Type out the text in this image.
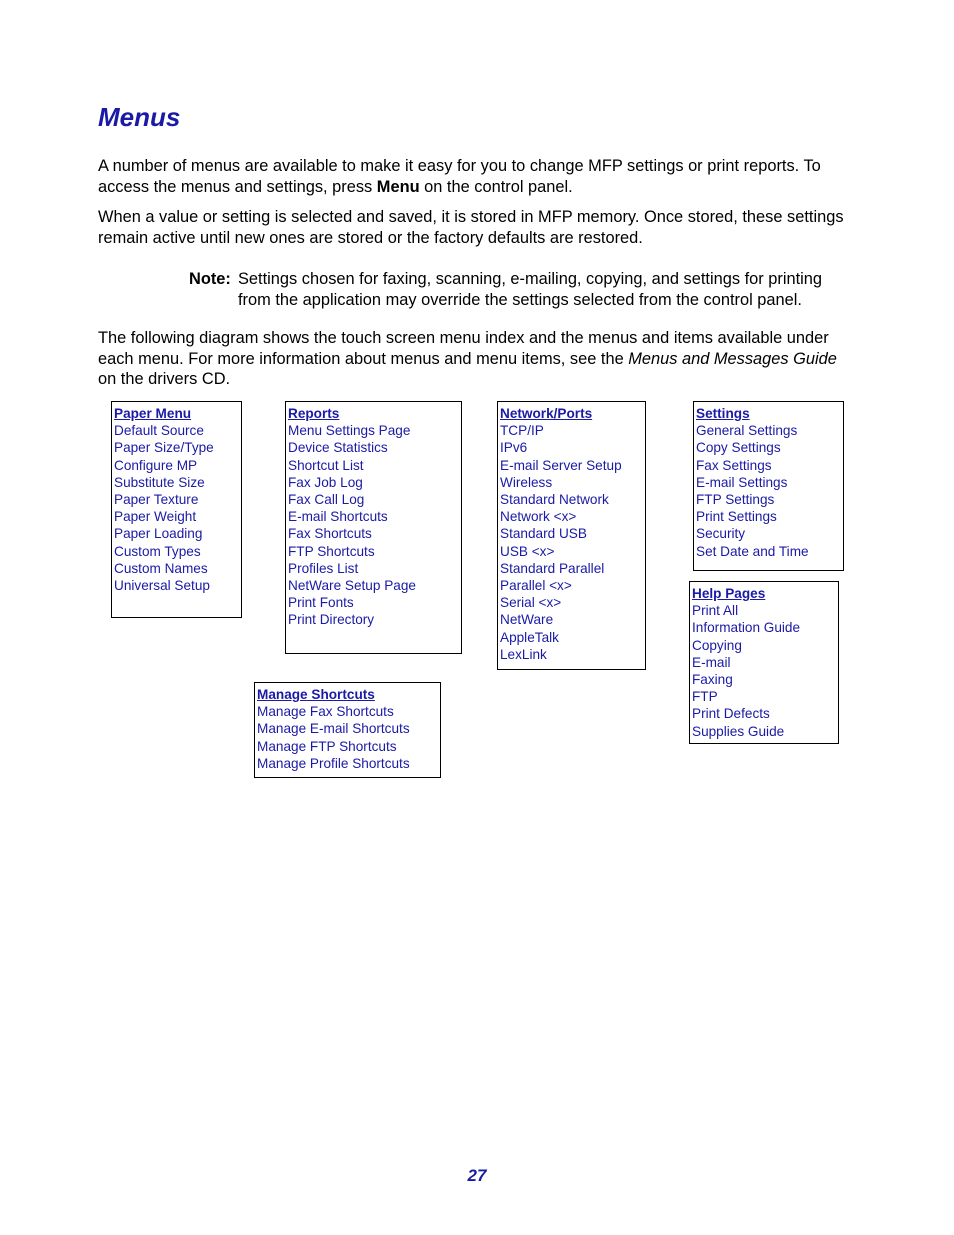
Menus

A number of menus are available to make it easy for you to change MFP settings or print reports. To access the menus and settings, press Menu on the control panel.

When a value or setting is selected and saved, it is stored in MFP memory. Once stored, these settings remain active until new ones are stored or the factory defaults are restored.

Note: Settings chosen for faxing, scanning, e-mailing, copying, and settings for printing from the application may override the settings selected from the control panel.

The following diagram shows the touch screen menu index and the menus and items available under each menu. For more information about menus and menu items, see the Menus and Messages Guide on the drivers CD.

Paper Menu
Default Source
Paper Size/Type
Configure MP
Substitute Size
Paper Texture
Paper Weight
Paper Loading
Custom Types
Custom Names
Universal Setup
Reports
Menu Settings Page
Device Statistics
Shortcut List
Fax Job Log
Fax Call Log
E-mail Shortcuts
Fax Shortcuts
FTP Shortcuts
Profiles List
NetWare Setup Page
Print Fonts
Print Directory
Network/Ports
TCP/IP
IPv6
E-mail Server Setup
Wireless
Standard Network
Network <x>
Standard USB
USB <x>
Standard Parallel
Parallel <x>
Serial <x>
NetWare
AppleTalk
LexLink
Settings
General Settings
Copy Settings
Fax Settings
E-mail Settings
FTP Settings
Print Settings
Security
Set Date and Time
Help Pages
Print All
Information Guide
Copying
E-mail
Faxing
FTP
Print Defects
Supplies Guide
Manage Shortcuts
Manage Fax Shortcuts
Manage E-mail Shortcuts
Manage FTP Shortcuts
Manage Profile Shortcuts
27
